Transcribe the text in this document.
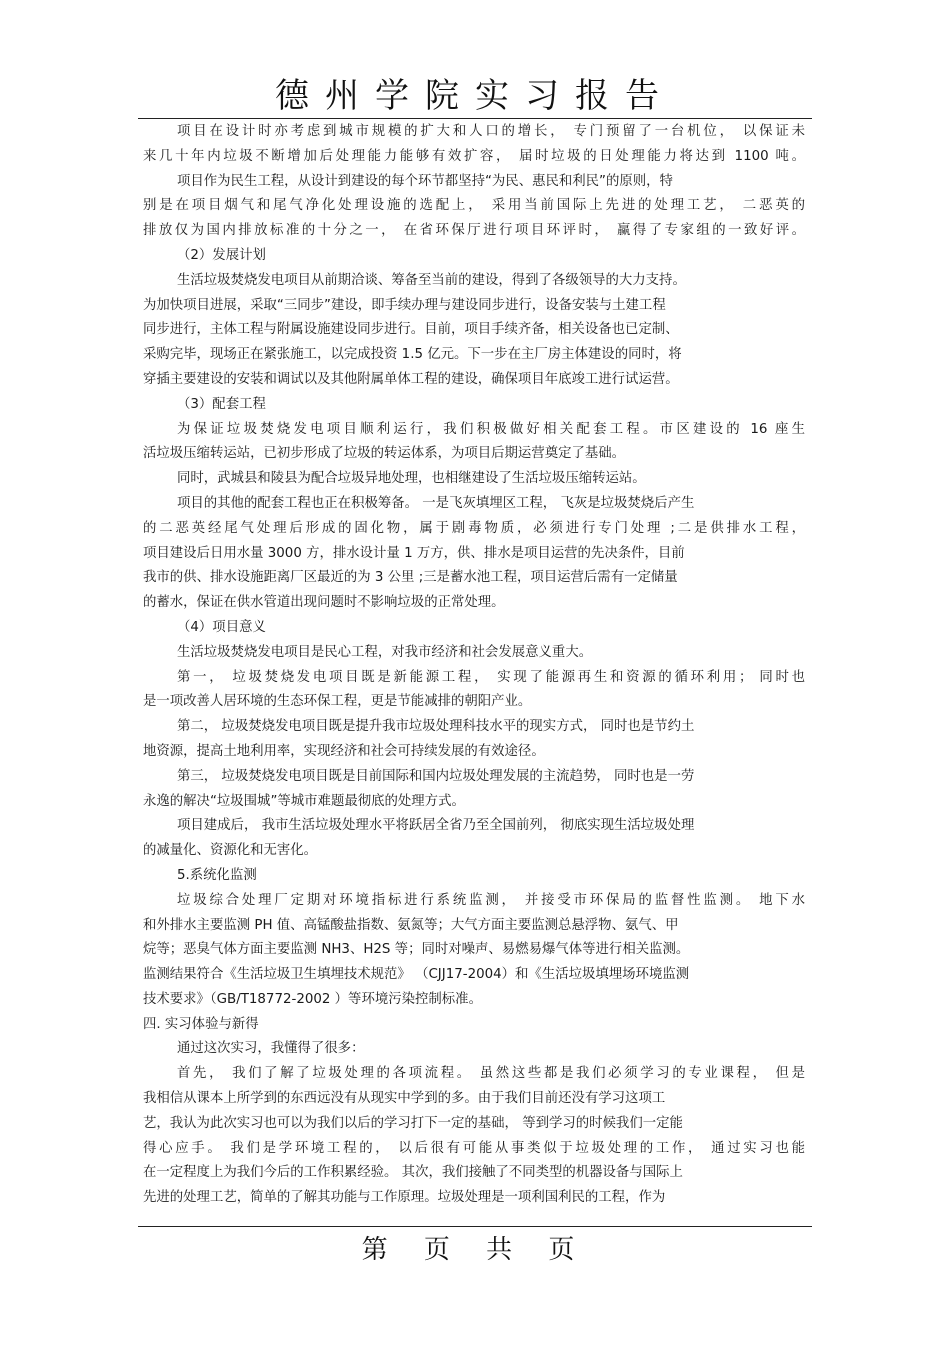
德州学院实习报告
项目在设计时亦考虑到城市规模的扩大和人口的增长， 专门预留了一台机位， 以保证未
来几十年内垃圾不断增加后处理能力能够有效扩容， 届时垃圾的日处理能力将达到 1100 吨。
项目作为民生工程，从设计到建设的每个环节都坚持“为民、惠民和利民”的原则，特
别是在项目烟气和尾气净化处理设施的选配上， 采用当前国际上先进的处理工艺， 二恶英的
排放仅为国内排放标准的十分之一， 在省环保厅进行项目环评时， 赢得了专家组的一致好评。
（2）发展计划
生活垃圾焚烧发电项目从前期洽谈、筹备至当前的建设，得到了各级领导的大力支持。
为加快项目进展，采取“三同步”建设，即手续办理与建设同步进行，设备安装与土建工程
同步进行，主体工程与附属设施建设同步进行。目前，项目手续齐备，相关设备也已定制、
采购完毕，现场正在紧张施工，以完成投资 1.5 亿元。下一步在主厂房主体建设的同时，将
穿插主要建设的安装和调试以及其他附属单体工程的建设，确保项目年底竣工进行试运营。
（3）配套工程
为保证垃圾焚烧发电项目顺利运行，我们积极做好相关配套工程。市区建设的 16 座生
活垃圾压缩转运站，已初步形成了垃圾的转运体系，为项目后期运营奠定了基础。
同时，武城县和陵县为配合垃圾异地处理，也相继建设了生活垃圾压缩转运站。
项目的其他的配套工程也正在积极筹备。 一是飞灰填埋区工程， 飞灰是垃圾焚烧后产生
的二恶英经尾气处理后形成的固化物，属于剧毒物质，必须进行专门处理 ;二是供排水工程，
项目建设后日用水量 3000 方，排水设计量 1 万方，供、排水是项目运营的先决条件，目前
我市的供、排水设施距离厂区最近的为 3 公里 ;三是蓄水池工程，项目运营后需有一定储量
的蓄水，保证在供水管道出现问题时不影响垃圾的正常处理。
（4）项目意义
生活垃圾焚烧发电项目是民心工程，对我市经济和社会发展意义重大。
第一， 垃圾焚烧发电项目既是新能源工程， 实现了能源再生和资源的循环利用； 同时也
是一项改善人居环境的生态环保工程，更是节能减排的朝阳产业。
第二， 垃圾焚烧发电项目既是提升我市垃圾处理科技水平的现实方式， 同时也是节约土
地资源，提高土地利用率，实现经济和社会可持续发展的有效途径。
第三， 垃圾焚烧发电项目既是目前国际和国内垃圾处理发展的主流趋势， 同时也是一劳
永逸的解决“垃圾围城”等城市难题最彻底的处理方式。
项目建成后， 我市生活垃圾处理水平将跃居全省乃至全国前列， 彻底实现生活垃圾处理
的减量化、资源化和无害化。
5.系统化监测
垃圾综合处理厂定期对环境指标进行系统监测， 并接受市环保局的监督性监测。 地下水
和外排水主要监测 PH 值、高锰酸盐指数、氨氮等；大气方面主要监测总悬浮物、氨气、甲
烷等；恶臭气体方面主要监测 NH3、H2S 等；同时对噪声、易燃易爆气体等进行相关监测。
监测结果符合《生活垃圾卫生填埋技术规范》 （CJJ17-2004）和《生活垃圾填埋场环境监测
技术要求》（GB/T18772-2002 ）等环境污染控制标准。
四. 实习体验与新得
通过这次实习，我懂得了很多：
首先， 我们了解了垃圾处理的各项流程。 虽然这些都是我们必须学习的专业课程， 但是
我相信从课本上所学到的东西远没有从现实中学到的多。由于我们目前还没有学习这项工
艺，我认为此次实习也可以为我们以后的学习打下一定的基础， 等到学习的时候我们一定能
得心应手。 我们是学环境工程的， 以后很有可能从事类似于垃圾处理的工作， 通过实习也能
在一定程度上为我们今后的工作积累经验。 其次，我们接触了不同类型的机器设备与国际上
先进的处理工艺，简单的了解其功能与工作原理。垃圾处理是一项利国利民的工程，作为
第 页 共 页
